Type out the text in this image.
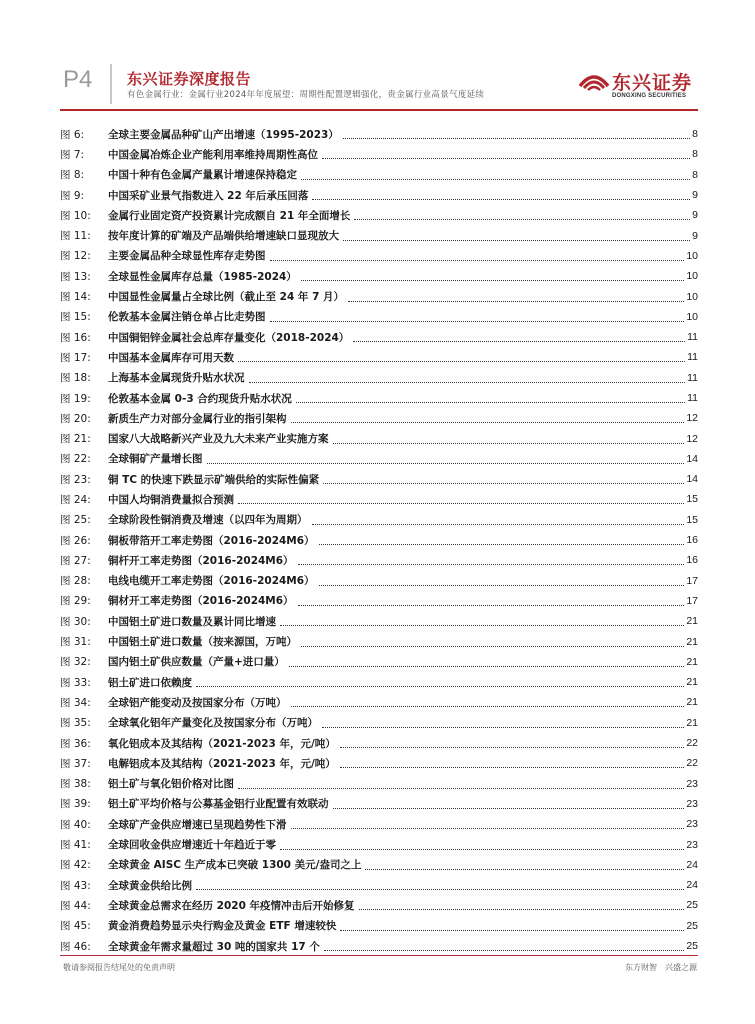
P4 东兴证券深度报告
有色金属行业：金属行业2024年年度展望：周期性配置逻辑强化，贵金属行业高景气度延续
东兴证券
DONGXING SECURITIES
图 6:	全球主要金属品种矿山产出增速（1995-2023）	8
图 7:	中国金属冶炼企业产能利用率维持周期性高位	8
图 8:	中国十种有色金属产量累计增速保持稳定	8
图 9:	中国采矿业景气指数进入 22 年后承压回落	9
图 10:	金属行业固定资产投资累计完成额自 21 年全面增长	9
图 11:	按年度计算的矿端及产品端供给增速缺口显现放大	9
图 12:	主要金属品种全球显性库存走势图	10
图 13:	全球显性金属库存总量（1985-2024）	10
图 14:	中国显性金属量占全球比例（截止至 24 年 7 月）	10
图 15:	伦敦基本金属注销仓单占比走势图	10
图 16:	中国铜铝锌金属社会总库存量变化（2018-2024）	11
图 17:	中国基本金属库存可用天数	11
图 18:	上海基本金属现货升贴水状况	11
图 19:	伦敦基本金属 0-3 合约现货升贴水状况	11
图 20:	新质生产力对部分金属行业的指引架构	12
图 21:	国家八大战略新兴产业及九大未来产业实施方案	12
图 22:	全球铜矿产量增长图	14
图 23:	铜 TC 的快速下跌显示矿端供给的实际性偏紧	14
图 24:	中国人均铜消费量拟合预测	15
图 25:	全球阶段性铜消费及增速（以四年为周期）	15
图 26:	铜板带箔开工率走势图（2016-2024M6）	16
图 27:	铜杆开工率走势图（2016-2024M6）	16
图 28:	电线电缆开工率走势图（2016-2024M6）	17
图 29:	铜材开工率走势图（2016-2024M6）	17
图 30:	中国铝土矿进口数量及累计同比增速	21
图 31:	中国铝土矿进口数量（按来源国，万吨）	21
图 32:	国内铝土矿供应数量（产量+进口量）	21
图 33:	铝土矿进口依赖度	21
图 34:	全球铝产能变动及按国家分布（万吨）	21
图 35:	全球氧化铝年产量变化及按国家分布（万吨）	21
图 36:	氧化铝成本及其结构（2021-2023 年，元/吨）	22
图 37:	电解铝成本及其结构（2021-2023 年，元/吨）	22
图 38:	铝土矿与氧化铝价格对比图	23
图 39:	铝土矿平均价格与公募基金铝行业配置有效联动	23
图 40:	全球矿产金供应增速已呈现趋势性下滑	23
图 41:	全球回收金供应增速近十年趋近于零	23
图 42:	全球黄金 AISC 生产成本已突破 1300 美元/盎司之上	24
图 43:	全球黄金供给比例	24
图 44:	全球黄金总需求在经历 2020 年疫情冲击后开始修复	25
图 45:	黄金消费趋势显示央行购金及黄金 ETF 增速较快	25
图 46:	全球黄金年需求量超过 30 吨的国家共 17 个	25
敬请参阅报告结尾处的免责声明	东方财智　兴盛之源
